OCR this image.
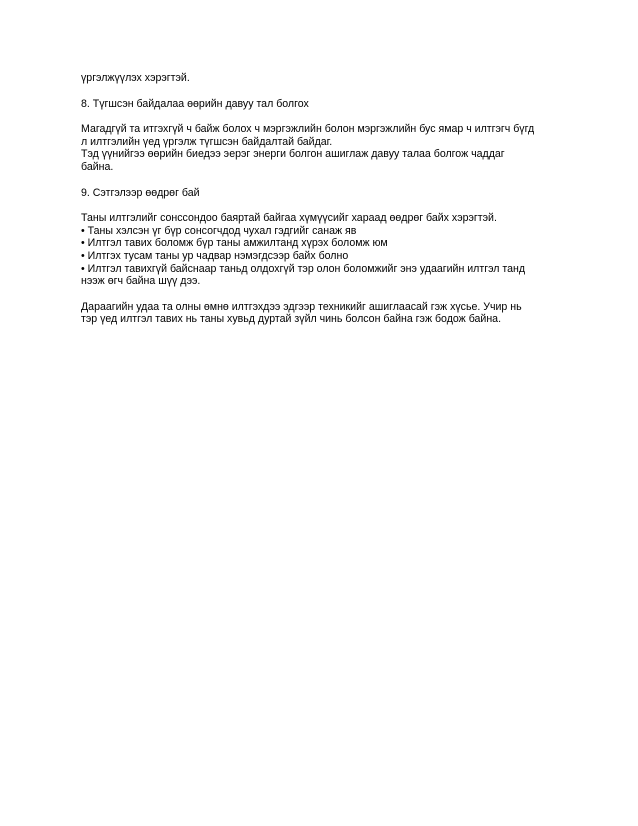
үргэлжүүлэх хэрэгтэй.
8. Түгшсэн байдалаа өөрийн давуу тал болгох
Магадгүй та итгэхгүй ч байж болох ч мэргэжлийн болон мэргэжлийн бус ямар ч илтгэгч бүгд
л илтгэлийн үед үргэлж түгшсэн байдалтай байдаг.
Тэд үүнийгээ өөрийн биедээ эерэг энерги болгон ашиглаж давуу талаа болгож чаддаг
байна.
9. Сэтгэлээр өөдрөг бай
Таны илтгэлийг сонссондоо баяртай байгаа хүмүүсийг хараад өөдрөг байх хэрэгтэй.
• Таны хэлсэн үг бүр сонсогчдод чухал гэдгийг санаж яв
• Илтгэл тавих боломж бүр таны амжилтанд хүрэх боломж юм
• Илтгэх тусам таны ур чадвар нэмэгдсээр байх болно
• Илтгэл тавихгүй байснаар таньд олдохгүй тэр олон боломжийг энэ удаагийн илтгэл танд
нээж өгч байна шүү дээ.
Дараагийн удаа та олны өмнө илтгэхдээ эдгээр техникийг ашиглаасай гэж хүсье. Учир нь
тэр үед илтгэл тавих нь таны хувьд дуртай зүйл чинь болсон байна гэж бодож байна.
